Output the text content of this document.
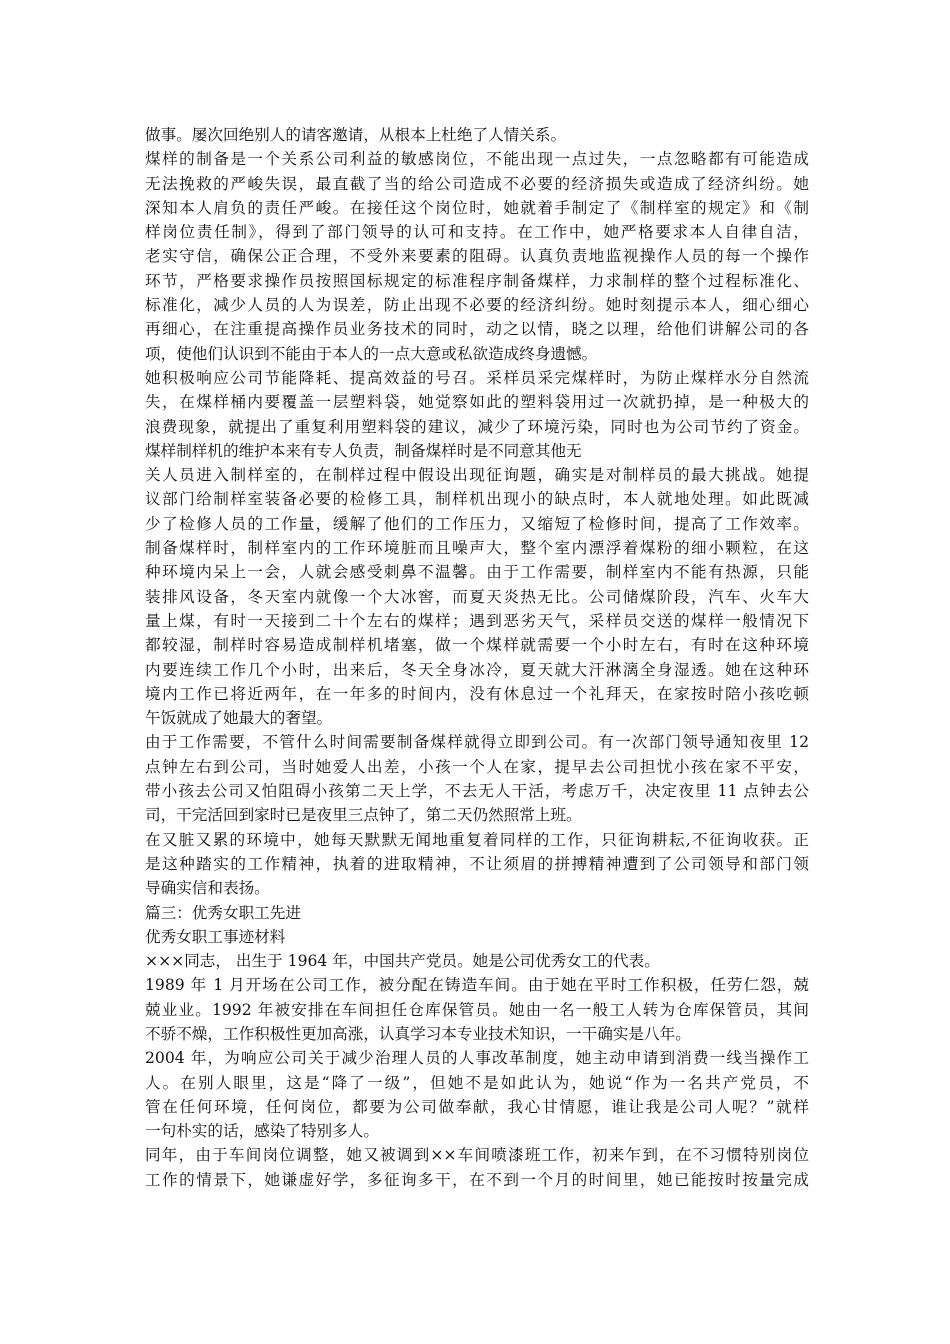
做事。屡次回绝别人的请客邀请，从根本上杜绝了人情关系。
煤样的制备是一个关系公司利益的敏感岗位，不能出现一点过失，一点忽略都有可能造成
无法挽救的严峻失误，最直截了当的给公司造成不必要的经济损失或造成了经济纠纷。她
深知本人肩负的责任严峻。在接任这个岗位时，她就着手制定了《制样室的规定》和《制
样岗位责任制》，得到了部门领导的认可和支持。在工作中，她严格要求本人自律自洁，
老实守信，确保公正合理，不受外来要素的阻碍。认真负责地监视操作人员的每一个操作
环节，严格要求操作员按照国标规定的标准程序制备煤样，力求制样的整个过程标准化、
标准化，减少人员的人为误差，防止出现不必要的经济纠纷。她时刻提示本人，细心细心
再细心，在注重提高操作员业务技术的同时，动之以情，晓之以理，给他们讲解公司的各
项，使他们认识到不能由于本人的一点大意或私欲造成终身遗憾。
她积极响应公司节能降耗、提高效益的号召。采样员采完煤样时，为防止煤样水分自然流
失，在煤样桶内要覆盖一层塑料袋，她觉察如此的塑料袋用过一次就扔掉，是一种极大的
浪费现象，就提出了重复利用塑料袋的建议，减少了环境污染，同时也为公司节约了资金。
煤样制样机的维护本来有专人负责，制备煤样时是不同意其他无
关人员进入制样室的，在制样过程中假设出现征询题，确实是对制样员的最大挑战。她提
议部门给制样室装备必要的检修工具，制样机出现小的缺点时，本人就地处理。如此既减
少了检修人员的工作量，缓解了他们的工作压力，又缩短了检修时间，提高了工作效率。
制备煤样时，制样室内的工作环境脏而且噪声大，整个室内漂浮着煤粉的细小颗粒，在这
种环境内呆上一会，人就会感受刺鼻不温馨。由于工作需要，制样室内不能有热源，只能
装排风设备，冬天室内就像一个大冰窖，而夏天炎热无比。公司储煤阶段，汽车、火车大
量上煤，有时一天接到二十个左右的煤样；遇到恶劣天气，采样员交送的煤样一般情况下
都较湿，制样时容易造成制样机堵塞，做一个煤样就需要一个小时左右，有时在这种环境
内要连续工作几个小时，出来后，冬天全身冰冷，夏天就大汗淋漓全身湿透。她在这种环
境内工作已将近两年，在一年多的时间内，没有休息过一个礼拜天，在家按时陪小孩吃顿
午饭就成了她最大的奢望。
由于工作需要，不管什么时间需要制备煤样就得立即到公司。有一次部门领导通知夜里 12
点钟左右到公司，当时她爱人出差，小孩一个人在家，提早去公司担忧小孩在家不平安，
带小孩去公司又怕阻碍小孩第二天上学，不去无人干活，考虑万千，决定夜里 11 点钟去公
司，干完活回到家时已是夜里三点钟了，第二天仍然照常上班。
在又脏又累的环境中，她每天默默无闻地重复着同样的工作，只征询耕耘,不征询收获。正
是这种踏实的工作精神，执着的进取精神，不让须眉的拼搏精神遭到了公司领导和部门领
导确实信和表扬。
篇三：优秀女职工先进
优秀女职工事迹材料
×××同志， 出生于 1964 年，中国共产党员。她是公司优秀女工的代表。
1989 年 1 月开场在公司工作，被分配在铸造车间。由于她在平时工作积极，任劳仁怨，兢
兢业业。1992 年被安排在车间担任仓库保管员。她由一名一般工人转为仓库保管员，其间
不骄不燥，工作积极性更加高涨，认真学习本专业技术知识，一干确实是八年。
2004 年，为响应公司关于减少治理人员的人事改革制度，她主动申请到消费一线当操作工
人。在别人眼里，这是“降了一级”，但她不是如此认为，她说“作为一名共产党员，不
管在任何环境，任何岗位，都要为公司做奉献，我心甘情愿，谁让我是公司人呢？”就样
一句朴实的话，感染了特别多人。
同年，由于车间岗位调整，她又被调到××车间喷漆班工作，初来乍到，在不习惯特别岗位
工作的情景下，她谦虚好学，多征询多干，在不到一个月的时间里，她已能按时按量完成
